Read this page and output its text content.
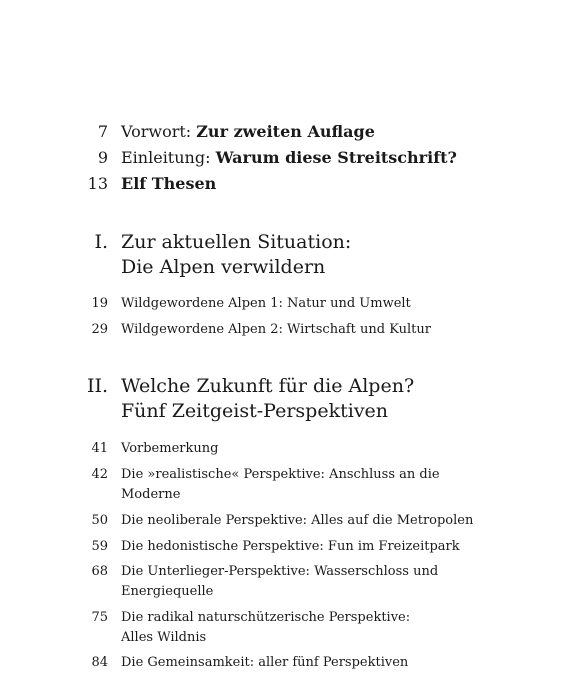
7 Vorwort: Zur zweiten Auflage
9 Einleitung: Warum diese Streitschrift?
13 Elf Thesen
I. Zur aktuellen Situation:
Die Alpen verwildern
19 Wildgewordene Alpen 1: Natur und Umwelt
29 Wildgewordene Alpen 2: Wirtschaft und Kultur
II. Welche Zukunft für die Alpen?
Fünf Zeitgeist-Perspektiven
41 Vorbemerkung
42 Die »realistische« Perspektive: Anschluss an die
Moderne
50 Die neoliberale Perspektive: Alles auf die Metropolen
59 Die hedonistische Perspektive: Fun im Freizeitpark
68 Die Unterlieger-Perspektive: Wasserschloss und
Energiequelle
75 Die radikal naturschützerische Perspektive:
Alles Wildnis
84 Die Gemeinsamkeit: aller fünf Perspektiven
